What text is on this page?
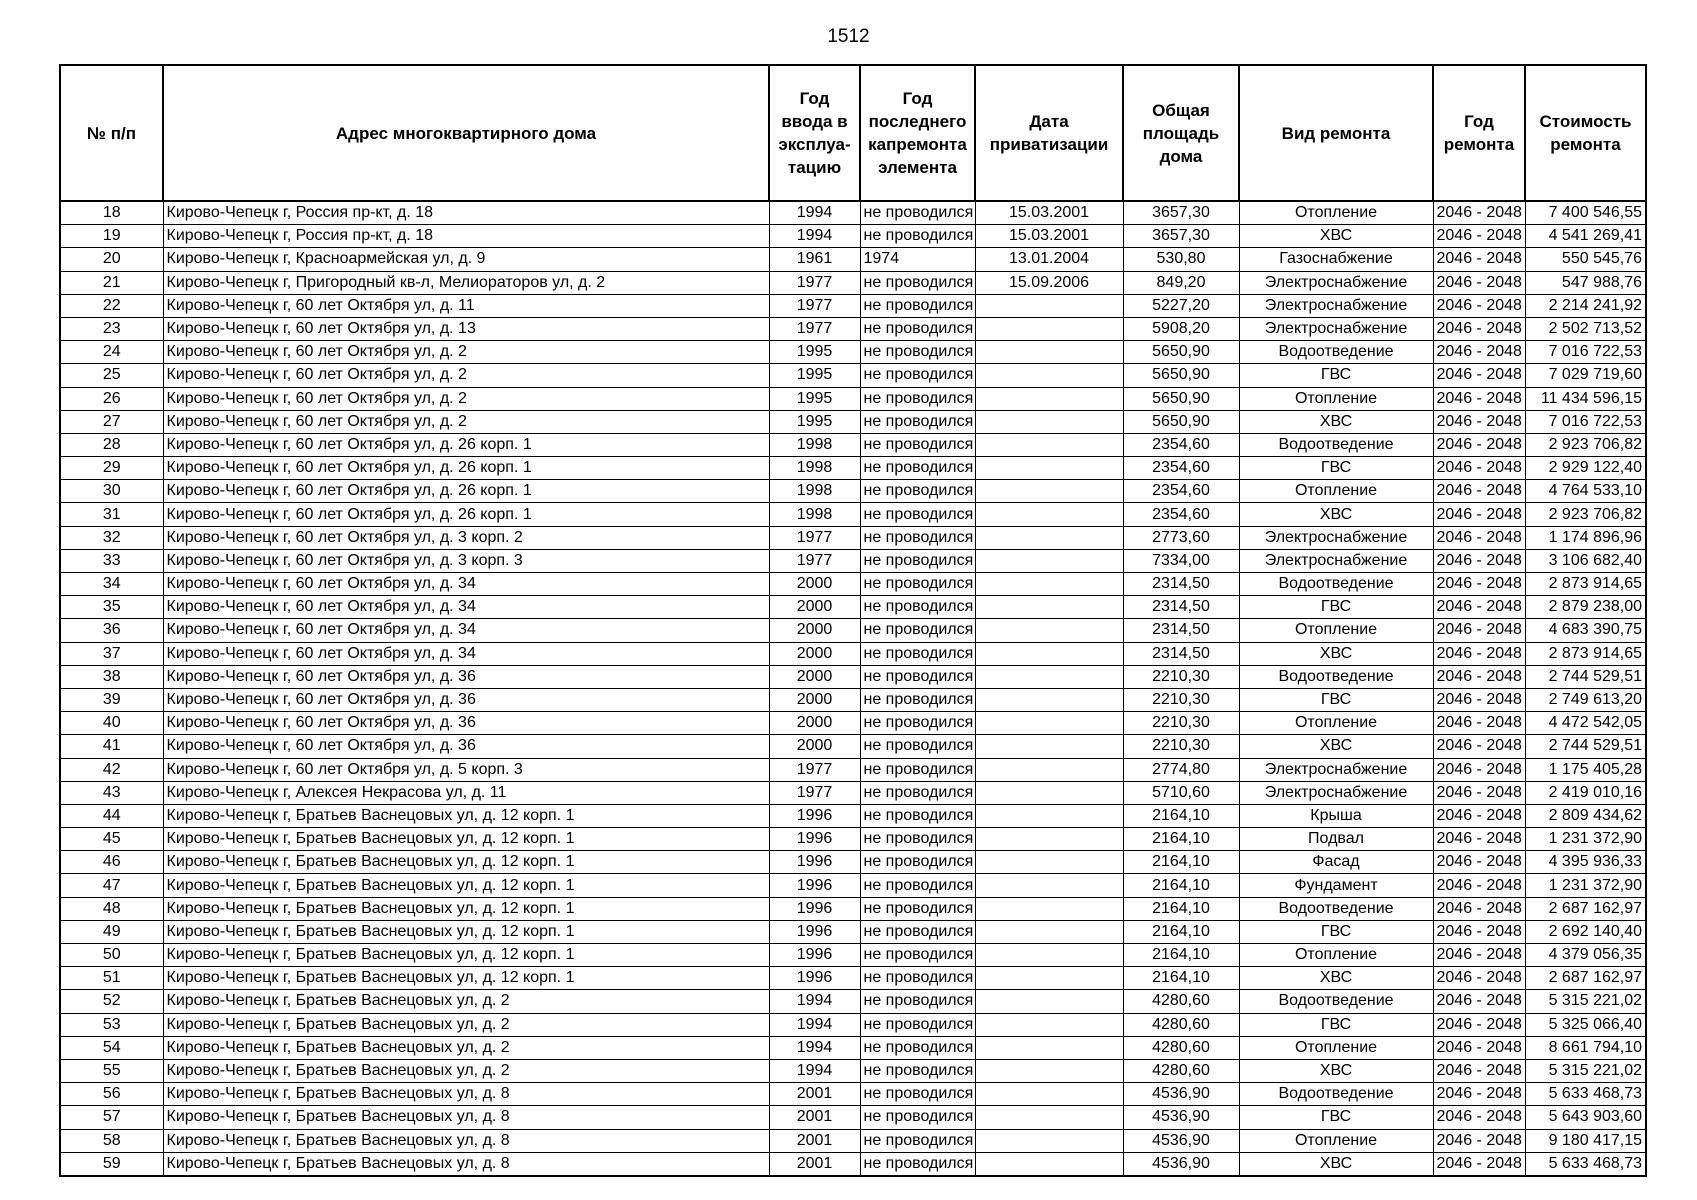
1512
№ п/п	Адрес многоквартирного дома	Год ввода в эксплуа- тацию	Год последнего капремонта элемента	Дата приватизации	Общая площадь дома	Вид ремонта	Год ремонта	Стоимость ремонта
18	Кирово-Чепецк г, Россия пр-кт, д. 18	1994	не проводился	15.03.2001	3657,30	Отопление	2046 - 2048	7 400 546,55
19	Кирово-Чепецк г, Россия пр-кт, д. 18	1994	не проводился	15.03.2001	3657,30	ХВС	2046 - 2048	4 541 269,41
20	Кирово-Чепецк г, Красноармейская ул, д. 9	1961	1974	13.01.2004	530,80	Газоснабжение	2046 - 2048	550 545,76
21	Кирово-Чепецк г, Пригородный кв-л, Мелиораторов ул, д. 2	1977	не проводился	15.09.2006	849,20	Электроснабжение	2046 - 2048	547 988,76
22	Кирово-Чепецк г, 60 лет Октября ул, д. 11	1977	не проводился		5227,20	Электроснабжение	2046 - 2048	2 214 241,92
23	Кирово-Чепецк г, 60 лет Октября ул, д. 13	1977	не проводился		5908,20	Электроснабжение	2046 - 2048	2 502 713,52
24	Кирово-Чепецк г, 60 лет Октября ул, д. 2	1995	не проводился		5650,90	Водоотведение	2046 - 2048	7 016 722,53
25	Кирово-Чепецк г, 60 лет Октября ул, д. 2	1995	не проводился		5650,90	ГВС	2046 - 2048	7 029 719,60
26	Кирово-Чепецк г, 60 лет Октября ул, д. 2	1995	не проводился		5650,90	Отопление	2046 - 2048	11 434 596,15
27	Кирово-Чепецк г, 60 лет Октября ул, д. 2	1995	не проводился		5650,90	ХВС	2046 - 2048	7 016 722,53
28	Кирово-Чепецк г, 60 лет Октября ул, д. 26 корп. 1	1998	не проводился		2354,60	Водоотведение	2046 - 2048	2 923 706,82
29	Кирово-Чепецк г, 60 лет Октября ул, д. 26 корп. 1	1998	не проводился		2354,60	ГВС	2046 - 2048	2 929 122,40
30	Кирово-Чепецк г, 60 лет Октября ул, д. 26 корп. 1	1998	не проводился		2354,60	Отопление	2046 - 2048	4 764 533,10
31	Кирово-Чепецк г, 60 лет Октября ул, д. 26 корп. 1	1998	не проводился		2354,60	ХВС	2046 - 2048	2 923 706,82
32	Кирово-Чепецк г, 60 лет Октября ул, д. 3 корп. 2	1977	не проводился		2773,60	Электроснабжение	2046 - 2048	1 174 896,96
33	Кирово-Чепецк г, 60 лет Октября ул, д. 3 корп. 3	1977	не проводился		7334,00	Электроснабжение	2046 - 2048	3 106 682,40
34	Кирово-Чепецк г, 60 лет Октября ул, д. 34	2000	не проводился		2314,50	Водоотведение	2046 - 2048	2 873 914,65
35	Кирово-Чепецк г, 60 лет Октября ул, д. 34	2000	не проводился		2314,50	ГВС	2046 - 2048	2 879 238,00
36	Кирово-Чепецк г, 60 лет Октября ул, д. 34	2000	не проводился		2314,50	Отопление	2046 - 2048	4 683 390,75
37	Кирово-Чепецк г, 60 лет Октября ул, д. 34	2000	не проводился		2314,50	ХВС	2046 - 2048	2 873 914,65
38	Кирово-Чепецк г, 60 лет Октября ул, д. 36	2000	не проводился		2210,30	Водоотведение	2046 - 2048	2 744 529,51
39	Кирово-Чепецк г, 60 лет Октября ул, д. 36	2000	не проводился		2210,30	ГВС	2046 - 2048	2 749 613,20
40	Кирово-Чепецк г, 60 лет Октября ул, д. 36	2000	не проводился		2210,30	Отопление	2046 - 2048	4 472 542,05
41	Кирово-Чепецк г, 60 лет Октября ул, д. 36	2000	не проводился		2210,30	ХВС	2046 - 2048	2 744 529,51
42	Кирово-Чепецк г, 60 лет Октября ул, д. 5 корп. 3	1977	не проводился		2774,80	Электроснабжение	2046 - 2048	1 175 405,28
43	Кирово-Чепецк г, Алексея Некрасова ул, д. 11	1977	не проводился		5710,60	Электроснабжение	2046 - 2048	2 419 010,16
44	Кирово-Чепецк г, Братьев Васнецовых ул, д. 12 корп. 1	1996	не проводился		2164,10	Крыша	2046 - 2048	2 809 434,62
45	Кирово-Чепецк г, Братьев Васнецовых ул, д. 12 корп. 1	1996	не проводился		2164,10	Подвал	2046 - 2048	1 231 372,90
46	Кирово-Чепецк г, Братьев Васнецовых ул, д. 12 корп. 1	1996	не проводился		2164,10	Фасад	2046 - 2048	4 395 936,33
47	Кирово-Чепецк г, Братьев Васнецовых ул, д. 12 корп. 1	1996	не проводился		2164,10	Фундамент	2046 - 2048	1 231 372,90
48	Кирово-Чепецк г, Братьев Васнецовых ул, д. 12 корп. 1	1996	не проводился		2164,10	Водоотведение	2046 - 2048	2 687 162,97
49	Кирово-Чепецк г, Братьев Васнецовых ул, д. 12 корп. 1	1996	не проводился		2164,10	ГВС	2046 - 2048	2 692 140,40
50	Кирово-Чепецк г, Братьев Васнецовых ул, д. 12 корп. 1	1996	не проводился		2164,10	Отопление	2046 - 2048	4 379 056,35
51	Кирово-Чепецк г, Братьев Васнецовых ул, д. 12 корп. 1	1996	не проводился		2164,10	ХВС	2046 - 2048	2 687 162,97
52	Кирово-Чепецк г, Братьев Васнецовых ул, д. 2	1994	не проводился		4280,60	Водоотведение	2046 - 2048	5 315 221,02
53	Кирово-Чепецк г, Братьев Васнецовых ул, д. 2	1994	не проводился		4280,60	ГВС	2046 - 2048	5 325 066,40
54	Кирово-Чепецк г, Братьев Васнецовых ул, д. 2	1994	не проводился		4280,60	Отопление	2046 - 2048	8 661 794,10
55	Кирово-Чепецк г, Братьев Васнецовых ул, д. 2	1994	не проводился		4280,60	ХВС	2046 - 2048	5 315 221,02
56	Кирово-Чепецк г, Братьев Васнецовых ул, д. 8	2001	не проводился		4536,90	Водоотведение	2046 - 2048	5 633 468,73
57	Кирово-Чепецк г, Братьев Васнецовых ул, д. 8	2001	не проводился		4536,90	ГВС	2046 - 2048	5 643 903,60
58	Кирово-Чепецк г, Братьев Васнецовых ул, д. 8	2001	не проводился		4536,90	Отопление	2046 - 2048	9 180 417,15
59	Кирово-Чепецк г, Братьев Васнецовых ул, д. 8	2001	не проводился		4536,90	ХВС	2046 - 2048	5 633 468,73
